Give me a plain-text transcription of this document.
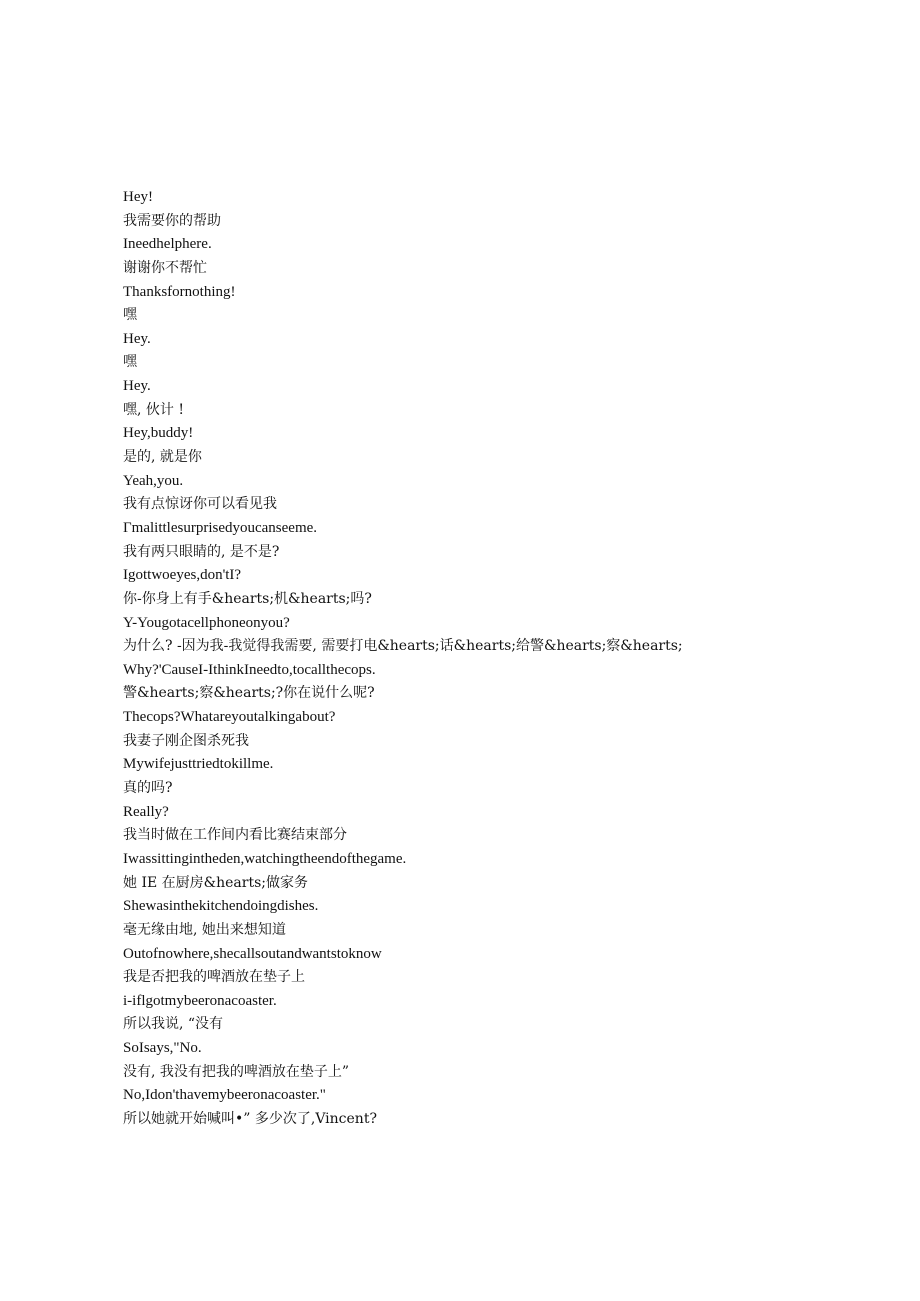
Hey!
我需要你的帮助
Ineedhelphere.
谢谢你不帮忙
Thanksfornothing!
嘿
Hey.
嘿
Hey.
嘿, 伙计 !
Hey,buddy!
是的, 就是你
Yeah,you.
我有点惊讶你可以看见我
Γmalittlesurprisedyoucanseeme.
我有两只眼睛的, 是不是?
Igottwoeyes,don'tI?
你-你身上有手&hearts;机&hearts;吗?
Y-Yougotacellphoneonyou?
为什么? -因为我-我觉得我需要, 需要打电&hearts;话&hearts;给警&hearts;察&hearts;
Why?'CauseI-IthinkIneedto,tocallthecops.
警&hearts;察&hearts;?你在说什么呢?
Thecops?Whatareyoutalkingabout?
我妻子刚企图杀死我
Mywifejusttriedtokillme.
真的吗?
Really?
我当时做在工作间内看比赛结束部分
Iwassittingintheden,watchingtheendofthegame.
她 IE 在厨房&hearts;做家务
Shewasinthekitchendoingdishes.
毫无缘由地, 她出来想知道
Outofnowhere,shecallsoutandwantstoknow
我是否把我的啤酒放在垫子上
i-iflgotmybeeronacoaster.
所以我说, “没有
SoIsays,"No.
没有, 我没有把我的啤酒放在垫子上”
No,Idon'thavemybeeronacoaster."
所以她就开始喊叫•” 多少次了,Vincent?
